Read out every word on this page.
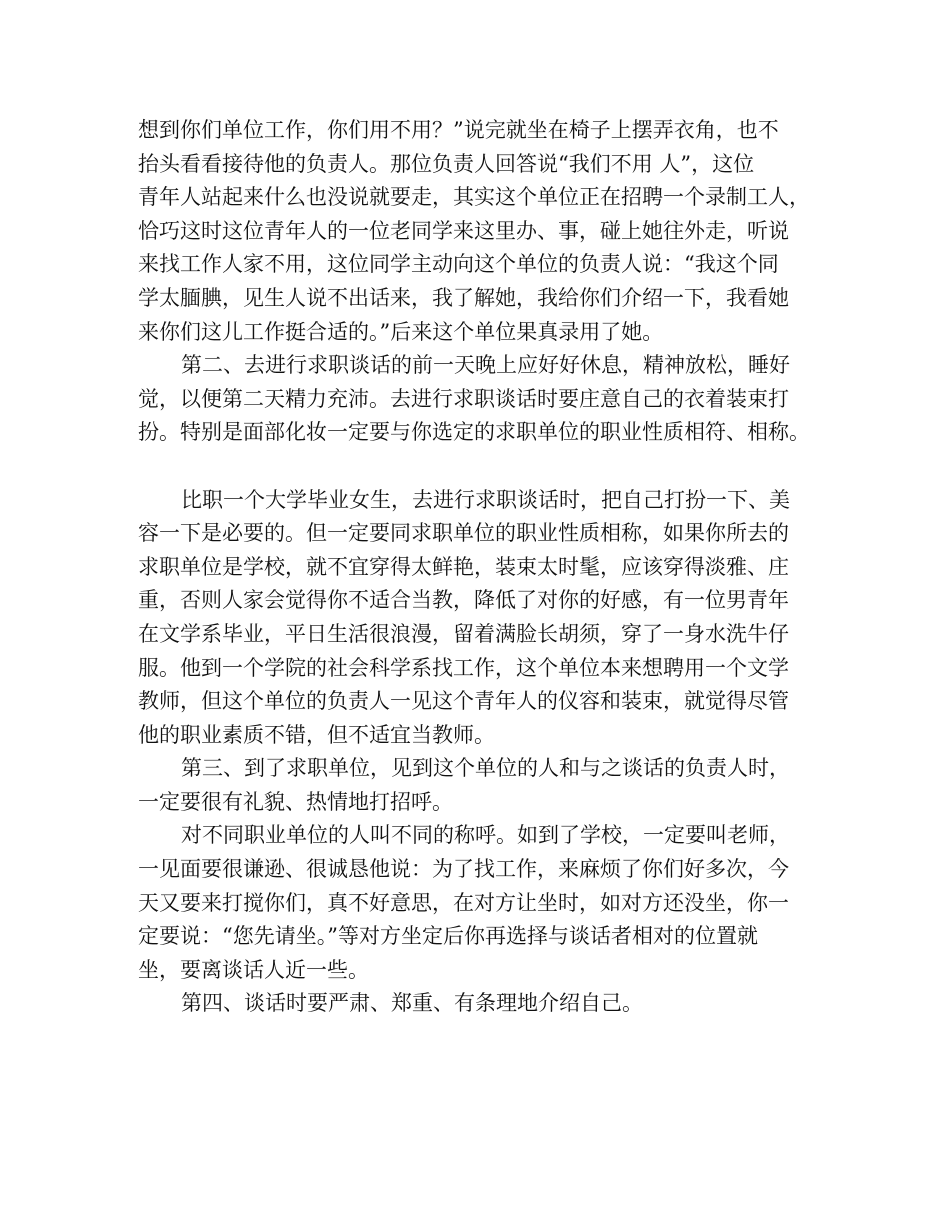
想到你们单位工作，你们用不用？”说完就坐在椅子上摆弄衣角，也不
抬头看看接待他的负责人。那位负责人回答说“我们不用 人”，这位
青年人站起来什么也没说就要走，其实这个单位正在招聘一个录制工人，
恰巧这时这位青年人的一位老同学来这里办、事，碰上她往外走，听说
来找工作人家不用，这位同学主动向这个单位的负责人说：“我这个同
学太腼腆，见生人说不出话来，我了解她，我给你们介绍一下，我看她
来你们这儿工作挺合适的。”后来这个单位果真录用了她。
第二、去进行求职谈话的前一天晚上应好好休息，精神放松，睡好
觉，以便第二天精力充沛。去进行求职谈话时要庄意自己的衣着装束打
扮。特别是面部化妆一定要与你选定的求职单位的职业性质相符、相称。
比职一个大学毕业女生，去进行求职谈话时，把自己打扮一下、美
容一下是必要的。但一定要同求职单位的职业性质相称，如果你所去的
求职单位是学校，就不宜穿得太鲜艳，装束太时髦，应该穿得淡雅、庄
重，否则人家会觉得你不适合当教，降低了对你的好感，有一位男青年
在文学系毕业，平日生活很浪漫，留着满脸长胡须，穿了一身水洗牛仔
服。他到一个学院的社会科学系找工作，这个单位本来想聘用一个文学
教师，但这个单位的负责人一见这个青年人的仪容和装束，就觉得尽管
他的职业素质不错，但不适宜当教师。
第三、到了求职单位，见到这个单位的人和与之谈话的负责人时，
一定要很有礼貌、热情地打招呼。
对不同职业单位的人叫不同的称呼。如到了学校，一定要叫老师，
一见面要很谦逊、很诚恳他说：为了找工作，来麻烦了你们好多次，今
天又要来打搅你们，真不好意思，在对方让坐时，如对方还没坐，你一
定要说：“您先请坐。”等对方坐定后你再选择与谈话者相对的位置就
坐，要离谈话人近一些。
第四、谈话时要严肃、郑重、有条理地介绍自己。
